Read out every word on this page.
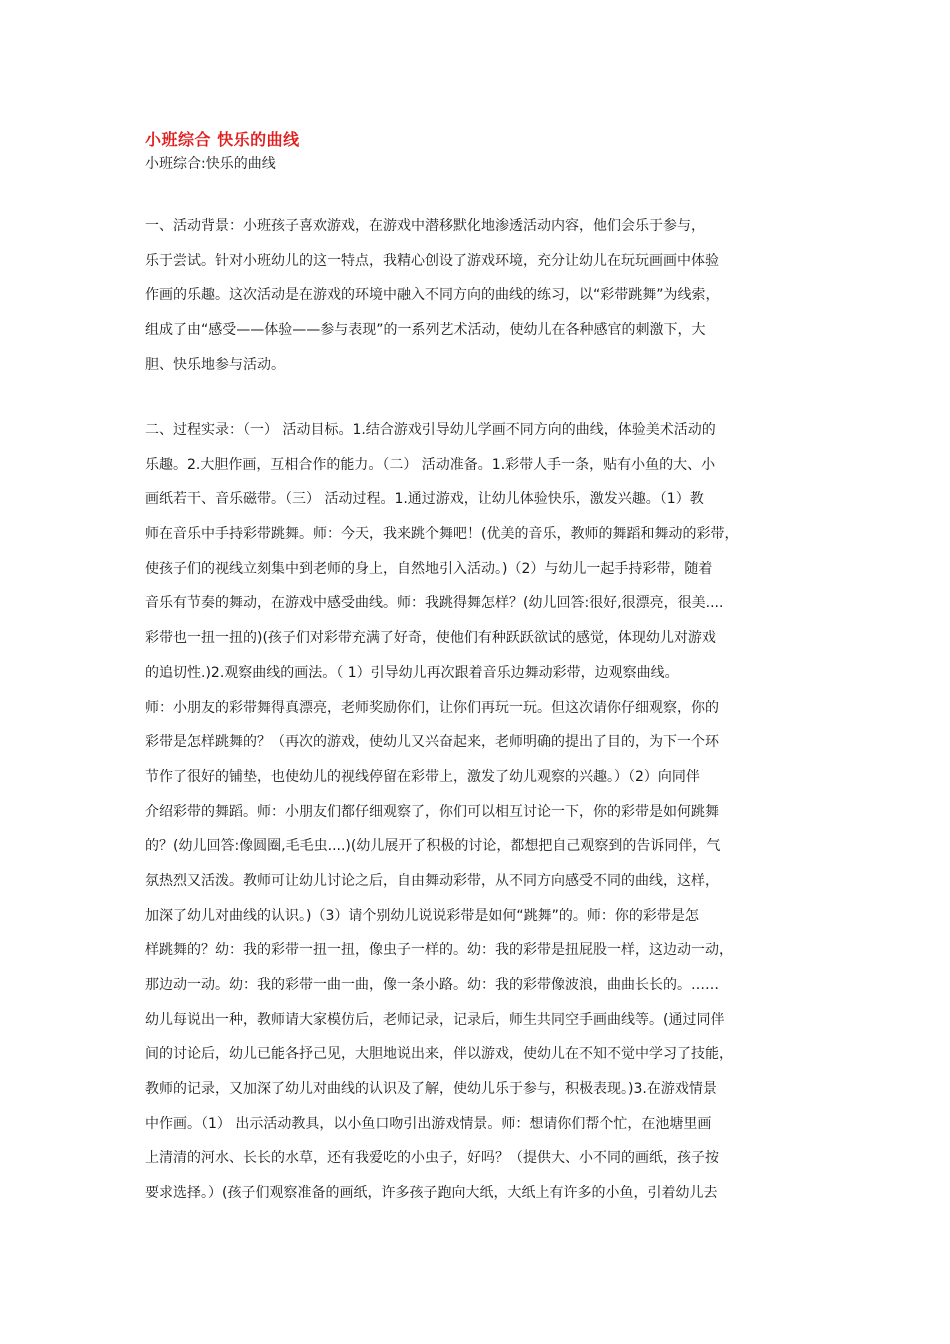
小班综合 快乐的曲线
小班综合:快乐的曲线
一、活动背景：小班孩子喜欢游戏，在游戏中潜移默化地渗透活动内容，他们会乐于参与，
乐于尝试。针对小班幼儿的这一特点，我精心创设了游戏环境，充分让幼儿在玩玩画画中体验
作画的乐趣。这次活动是在游戏的环境中融入不同方向的曲线的练习，以“彩带跳舞”为线索，
组成了由“感受——体验——参与表现”的一系列艺术活动，使幼儿在各种感官的刺激下，大
胆、快乐地参与活动。
二、过程实录：（一） 活动目标。1.结合游戏引导幼儿学画不同方向的曲线，体验美术活动的
乐趣。2.大胆作画，互相合作的能力。（二） 活动准备。1.彩带人手一条，贴有小鱼的大、小
画纸若干、音乐磁带。（三） 活动过程。1.通过游戏，让幼儿体验快乐，激发兴趣。（1）教
师在音乐中手持彩带跳舞。师：今天，我来跳个舞吧！(优美的音乐，教师的舞蹈和舞动的彩带，
使孩子们的视线立刻集中到老师的身上，自然地引入活动。)（2）与幼儿一起手持彩带，随着
音乐有节奏的舞动，在游戏中感受曲线。师：我跳得舞怎样？(幼儿回答:很好,很漂亮，很美....
彩带也一扭一扭的)(孩子们对彩带充满了好奇，使他们有种跃跃欲试的感觉，体现幼儿对游戏
的追切性.)2.观察曲线的画法。（ 1）引导幼儿再次跟着音乐边舞动彩带，边观察曲线。
师：小朋友的彩带舞得真漂亮，老师奖励你们，让你们再玩一玩。但这次请你仔细观察，你的
彩带是怎样跳舞的？（再次的游戏，使幼儿又兴奋起来，老师明确的提出了目的，为下一个环
节作了很好的铺垫，也使幼儿的视线停留在彩带上，激发了幼儿观察的兴趣。）（2）向同伴
介绍彩带的舞蹈。师：小朋友们都仔细观察了，你们可以相互讨论一下，你的彩带是如何跳舞
的？(幼儿回答:像圆圈,毛毛虫....)(幼儿展开了积极的讨论，都想把自己观察到的告诉同伴，气
氛热烈又活泼。教师可让幼儿讨论之后，自由舞动彩带，从不同方向感受不同的曲线，这样，
加深了幼儿对曲线的认识。)（3）请个别幼儿说说彩带是如何“跳舞”的。师：你的彩带是怎
样跳舞的？幼：我的彩带一扭一扭，像虫子一样的。幼：我的彩带是扭屁股一样，这边动一动，
那边动一动。幼：我的彩带一曲一曲，像一条小路。幼：我的彩带像波浪，曲曲长长的。……
幼儿每说出一种，教师请大家模仿后，老师记录，记录后，师生共同空手画曲线等。(通过同伴
间的讨论后，幼儿已能各抒己见，大胆地说出来，伴以游戏，使幼儿在不知不觉中学习了技能，
教师的记录，又加深了幼儿对曲线的认识及了解，使幼儿乐于参与，积极表现。)3.在游戏情景
中作画。（1） 出示活动教具，以小鱼口吻引出游戏情景。师：想请你们帮个忙，在池塘里画
上清清的河水、长长的水草，还有我爱吃的小虫子，好吗？（提供大、小不同的画纸，孩子按
要求选择。）(孩子们观察准备的画纸，许多孩子跑向大纸，大纸上有许多的小鱼，引着幼儿去
